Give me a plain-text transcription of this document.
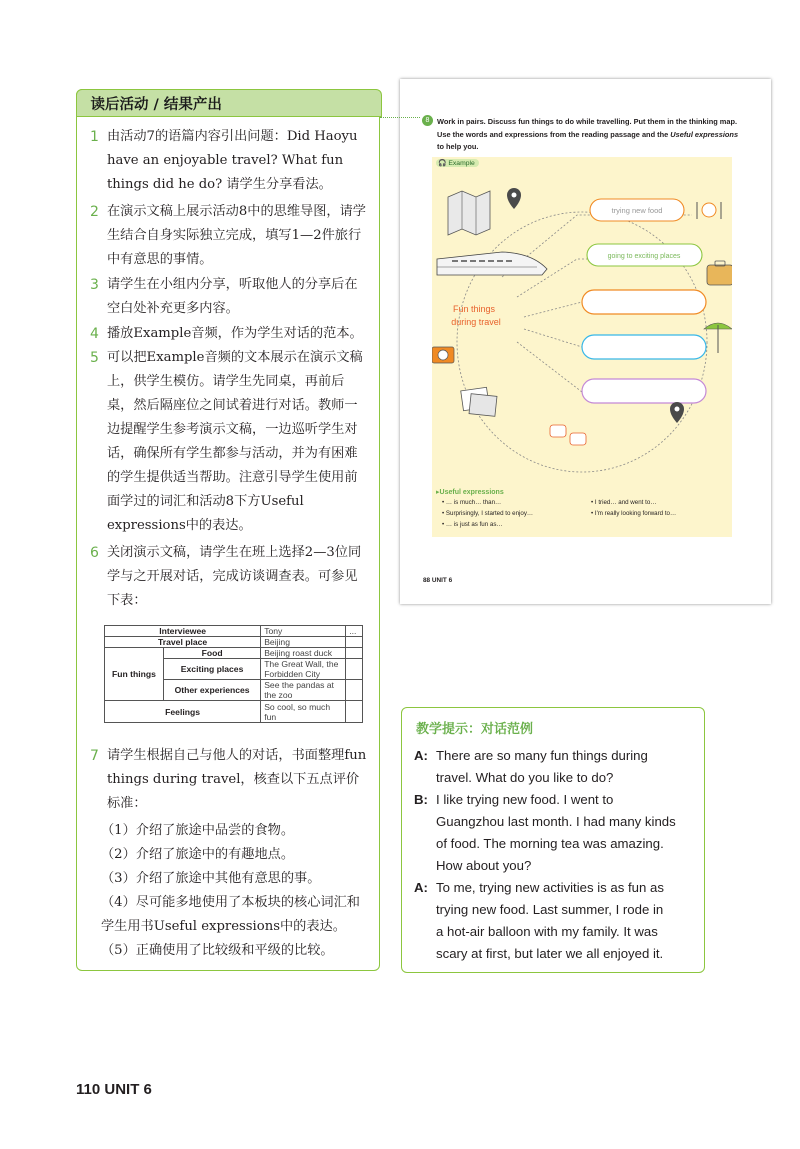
读后活动 / 结果产出
1 由活动7的语篇内容引出问题：Did Haoyu have an enjoyable travel? What fun things did he do? 请学生分享看法。
2 在演示文稿上展示活动8中的思维导图，请学生结合自身实际独立完成，填写1—2件旅行中有意思的事情。
3 请学生在小组内分享，听取他人的分享后在空白处补充更多内容。
4 播放Example音频，作为学生对话的范本。
5 可以把Example音频的文本展示在演示文稿上，供学生模仿。请学生先同桌，再前后桌，然后隔座位之间试着进行对话。教师一边提醒学生参考演示文稿，一边巡听学生对话，确保所有学生都参与活动，并为有困难的学生提供适当帮助。注意引导学生使用前面学过的词汇和活动8下方Useful expressions中的表达。
6 关闭演示文稿，请学生在班上选择2—3位同学与之开展对话，完成访谈调查表。可参见下表：
Interviewee		Tony	...
Travel place		Beijing	
Fun things	Food	Beijing roast duck	
	Exciting places	The Great Wall, the Forbidden City	
	Other experiences	See the pandas at the zoo	
Feelings		So cool, so much fun	
7 请学生根据自己与他人的对话，书面整理fun things during travel，核查以下五点评价标准：
（1）介绍了旅途中品尝的食物。
（2）介绍了旅途中的有趣地点。
（3）介绍了旅途中其他有意思的事。
（4）尽可能多地使用了本板块的核心词汇和学生用书Useful expressions中的表达。
（5）正确使用了比较级和平级的比较。
8	Work in pairs. Discuss fun things to do while travelling. Put them in the thinking map. Use the words and expressions from the reading passage and the Useful expressions to help you.
trying new food
going to exciting places
Fun things
during travel
🎧 Example
▸Useful expressions
• … is much… than…
• Surprisingly, I started to enjoy…
• … is just as fun as…
• I tried… and went to…
• I'm really looking forward to…
88 UNIT 6
教学提示：对话范例
A: There are so many fun things during
travel. What do you like to do?
B: I like trying new food. I went to
Guangzhou last month. I had many kinds
of food. The morning tea was amazing.
How about you?
A: To me, trying new activities is as fun as
trying new food. Last summer, I rode in
a hot-air balloon with my family. It was
scary at first, but later we all enjoyed it.
110 UNIT 6
